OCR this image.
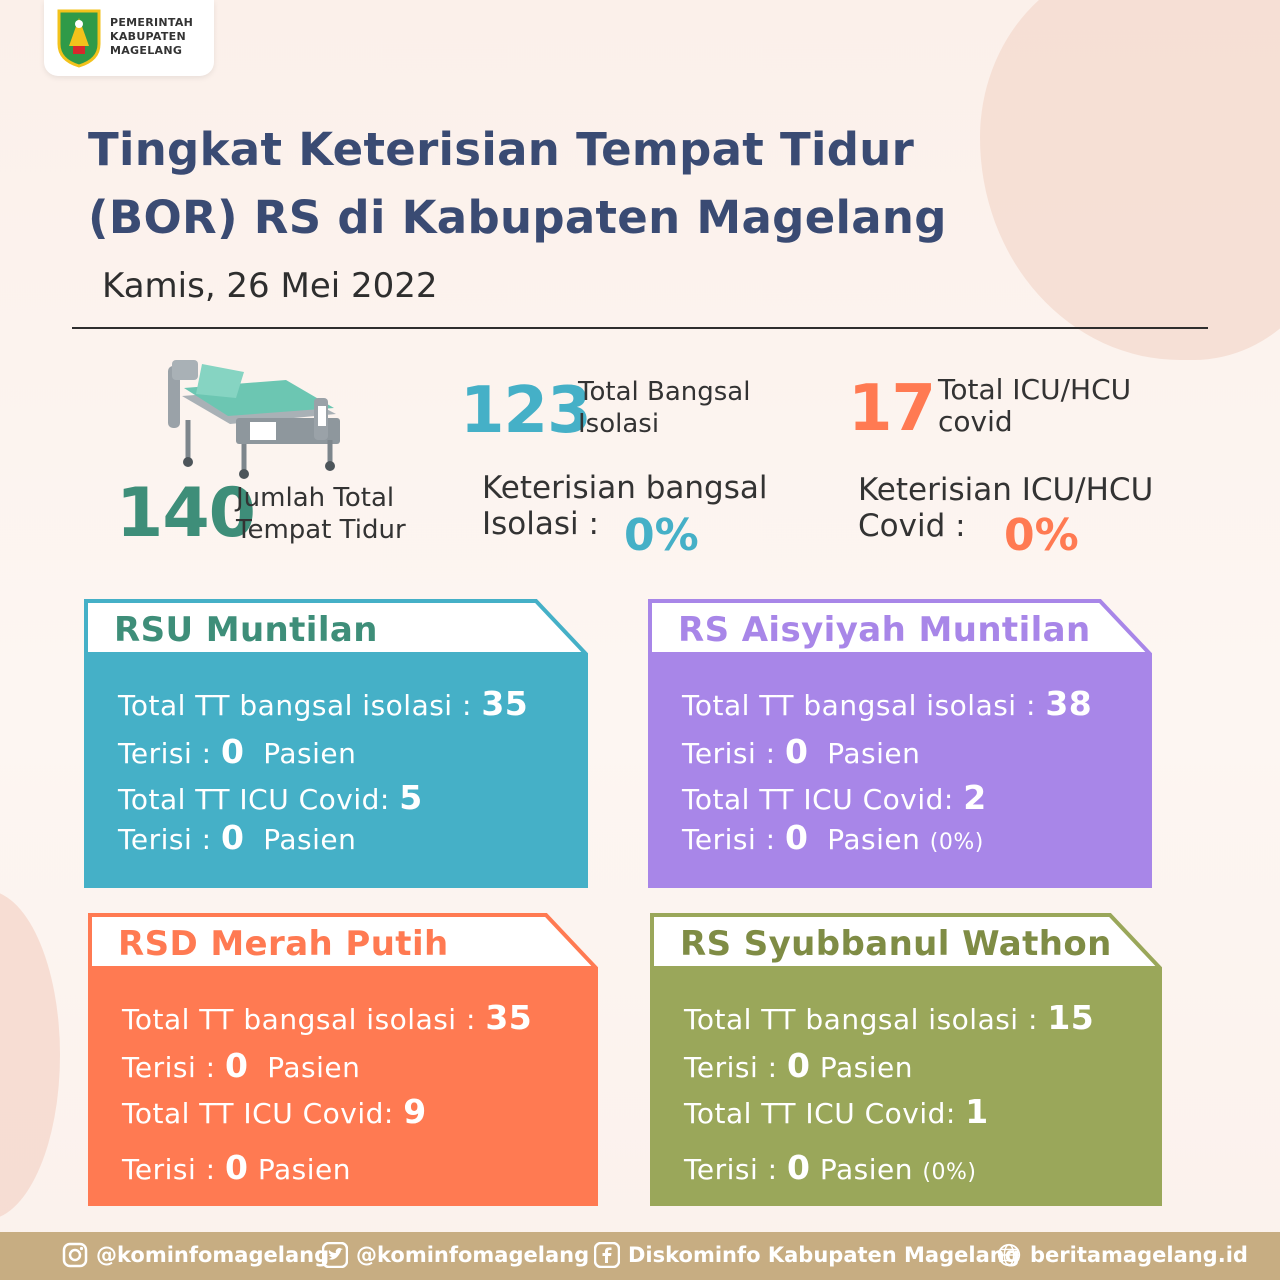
PEMERINTAH
KABUPATEN
MAGELANG
Tingkat Keterisian Tempat Tidur
(BOR) RS di Kabupaten Magelang
Kamis, 26 Mei 2022
140
Jumlah Total
Tempat Tidur
123
Total Bangsal
Isolasi	17 Total ICU/HCU
covid
Keterisian bangsal
Isolasi : 0%
Keterisian ICU/HCU
Covid : 0%
Total TT bangsal isolasi : 35
Terisi : 0 Pasien
Total TT ICU Covid: 5
Terisi : 0 Pasien
RSU Muntilan
Total TT bangsal isolasi : 38
Terisi : 0 Pasien
Total TT ICU Covid: 2
Terisi : 0 Pasien (0%)
RS Aisyiyah Muntilan
Total TT bangsal isolasi : 35
Terisi : 0 Pasien
Total TT ICU Covid: 9
Terisi : 0 Pasien
RSD Merah Putih
Total TT bangsal isolasi : 15
Terisi : 0 Pasien
Total TT ICU Covid: 1
Terisi : 0 Pasien (0%)
RS Syubbanul Wathon
@kominfomagelang @kominfomagelang Diskominfo Kabupaten Magelang beritamagelang.id
